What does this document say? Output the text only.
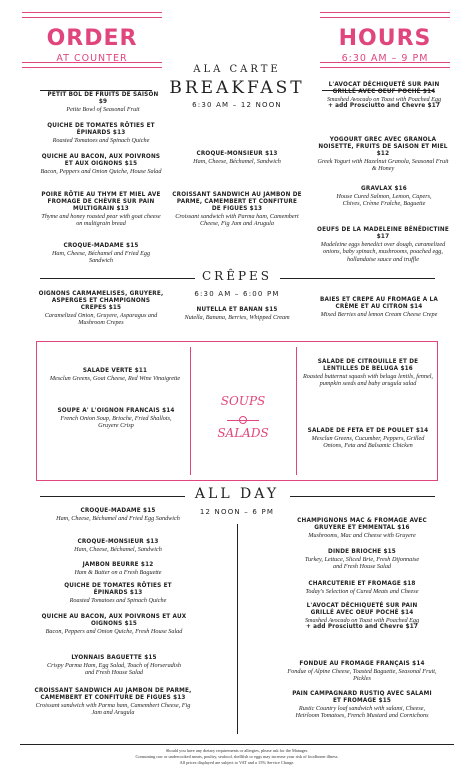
ORDER
AT COUNTER
HOURS
6:30 AM – 9 PM
ALA CARTE
BREAKFAST
6:30 AM – 12 NOON
PETIT BOL DE FRUITS DE SAISON $9
Petite Bowl of Seasonal Fruit
QUICHE DE TOMATES RÔTIES ET ÉPINARDS $13
Roasted Tomatoes and Spinach Quiche
QUICHE AU BACON, AUX POIVRONS ET AUX OIGNONS $15
Bacon, Peppers and Onion Quiche, House Salad
POIRE RÔTIE AU THYM ET MIEL AVE FROMAGE DE CHÈVRE SUR PAIN MULTIGRAIN $13
Thyme and honey roasted pear with goat cheese on multigrain bread
CROQUE-MADAME $15
Ham, Cheese, Béchamel and Fried Egg Sandwich
CROQUE-MONSIEUR $13
Ham, Cheese, Béchamel, Sandwich
CROISSANT SANDWICH AU JAMBON DE PARME, CAMEMBERT ET CONFITURE DE FIGUES $13
Croissant sandwich with Parma ham, Camembert Cheese, Fig Jam and Arugula
L'AVOCAT DÉCHIQUETÉ SUR PAIN GRILLÉ AVEC OEUF POCHÉ $14
Smashed Avocado on Toast with Poached Egg
+ add Prosciutto and Chevre $17
YOGOURT GREC AVEC GRANOLA NOISETTE, FRUITS DE SAISON ET MIEL $12
Greek Yogurt with Hazelnut Granola, Seasonal Fruit & Honey
GRAVLAX $16
House Cured Salmon, Lemon, Capers, Chives, Crème Fraîche, Baguette
OEUFS DE LA MADELEINE BÉNÉDICTINE $17
Madeleine eggs benedict over dough, caramelized onions, baby spinach, mushrooms, poached egg, hollandaise sauce and truffle
CRÊPES
6:30 AM – 6:00 PM
OIGNONS CARMAMELISES, GRUYERE, ASPERGES ET CHAMPIGNONS CREPES $15
Caramelized Onion, Gruyere, Asparagus and Mushroom Crepes
NUTELLA ET BANAN $15
Nutella, Banana, Berries, Whipped Cream
BAIES ET CREPE AU FROMAGE A LA CRÈME ET AU CITRON $14
Mixed Berries and lemon Cream Cheese Crepe
SOUPS
SALADS
SALADE VERTE $11
Mesclun Greens, Goat Cheese, Red Wine Vinaigrette
SOUPE A' L'OIGNON FRANCAIS $14
French Onion Soup, Brioche, Fried Shallots, Gruyere Crisp
SALADE DE CITROUILLE ET DE LENTILLES DE BELUGA $16
Roasted butternut squash with beluga lentils, fennel, pumpkin seeds and baby arugula salad
SALADE DE FETA ET DE POULET $14
Mesclun Greens, Cucumber, Peppers, Grilled Onions, Feta and Balsamic Chicken
ALL DAY
12 NOON – 6 PM
CROQUE-MADAME $15
Ham, Cheese, Béchamel and Fried Egg Sandwich
CROQUE-MONSIEUR $13
Ham, Cheese, Béchamel, Sandwich
JAMBON BEURRE $12
Ham & Butter on a Fresh Baguette
QUICHE DE TOMATES RÔTIES ET ÉPINARDS $13
Roasted Tomatoes and Spinach Quiche
QUICHE AU BACON, AUX POIVRONS ET AUX OIGNONS $15
Bacon, Peppers and Onion Quiche, Fresh House Salad
LYONNAIS BAGUETTE $15
Crispy Parma Ham, Egg Salad, Touch of Horseradish and Fresh House Salad
CROISSANT SANDWICH AU JAMBON DE PARME, CAMEMBERT ET CONFITURE DE FIGUES $13
Croissant sandwich with Parma ham, Camembert Cheese, Fig Jam and Arugula
CHAMPIGNONS MAC & FROMAGE AVEC GRUYERE ET EMMENTAL $16
Mushrooms, Mac and Cheese with Gruyere
DINDE BRIOCHE $15
Turkey, Lettuce, Sliced Brie, Fresh Dijonnaise and Fresh House Salad
CHARCUTERIE ET FROMAGE $18
Today's Selection of Cured Meats and Cheese
L'AVOCAT DÉCHIQUETÉ SUR PAIN GRILLÉ AVEC OEUF POCHÉ $14
Smashed Avocado on Toast with Poached Egg
+ add Prosciutto and Chevre $17
FONDUE AU FROMAGE FRANÇAIS $14
Fondue of Alpine Cheese, Toasted Baguette, Seasonal Fruit, Pickles
PAIN CAMPAGNARD RUSTIQ AVEC SALAMI ET FROMAGE $15
Rustic Country loaf sandwich with salami, Cheese, Heirloom Tomatoes, French Mustard and Cornichons
Should you have any dietary requirements or allergies, please ask for the Manager.
Consuming raw or undercooked meats, poultry, seafood, shellfish or eggs may increase your risk of foodborne illness.
All prices displayed are subject to VAT and a 15% Service Charge.
